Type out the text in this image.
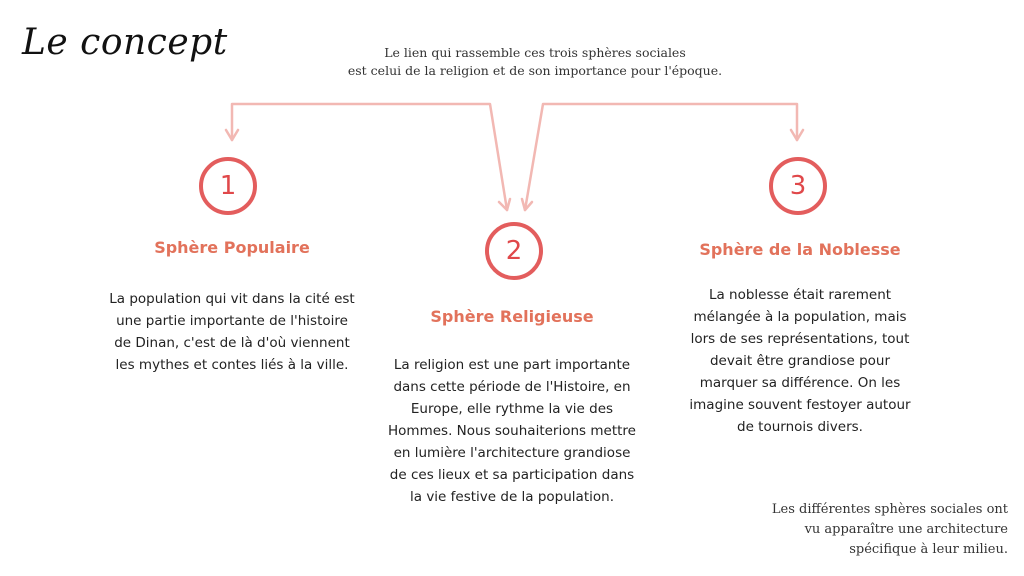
Le concept	Le lien qui rassemble ces trois sphères sociales
est celui de la religion et de son importance pour l'époque.
1
Sphère Populaire
La population qui vit dans la cité est
une partie importante de l'histoire
de Dinan, c'est de là d'où viennent
les mythes et contes liés à la ville.
2
Sphère Religieuse
La religion est une part importante
dans cette période de l'Histoire, en
Europe, elle rythme la vie des
Hommes. Nous souhaiterions mettre
en lumière l'architecture grandiose
de ces lieux et sa participation dans
la vie festive de la population.
3
Sphère de la Noblesse
La noblesse était rarement
mélangée à la population, mais
lors de ses représentations, tout
devait être grandiose pour
marquer sa différence. On les
imagine souvent festoyer autour
de tournois divers.
Les différentes sphères sociales ont
vu apparaître une architecture
spécifique à leur milieu.
